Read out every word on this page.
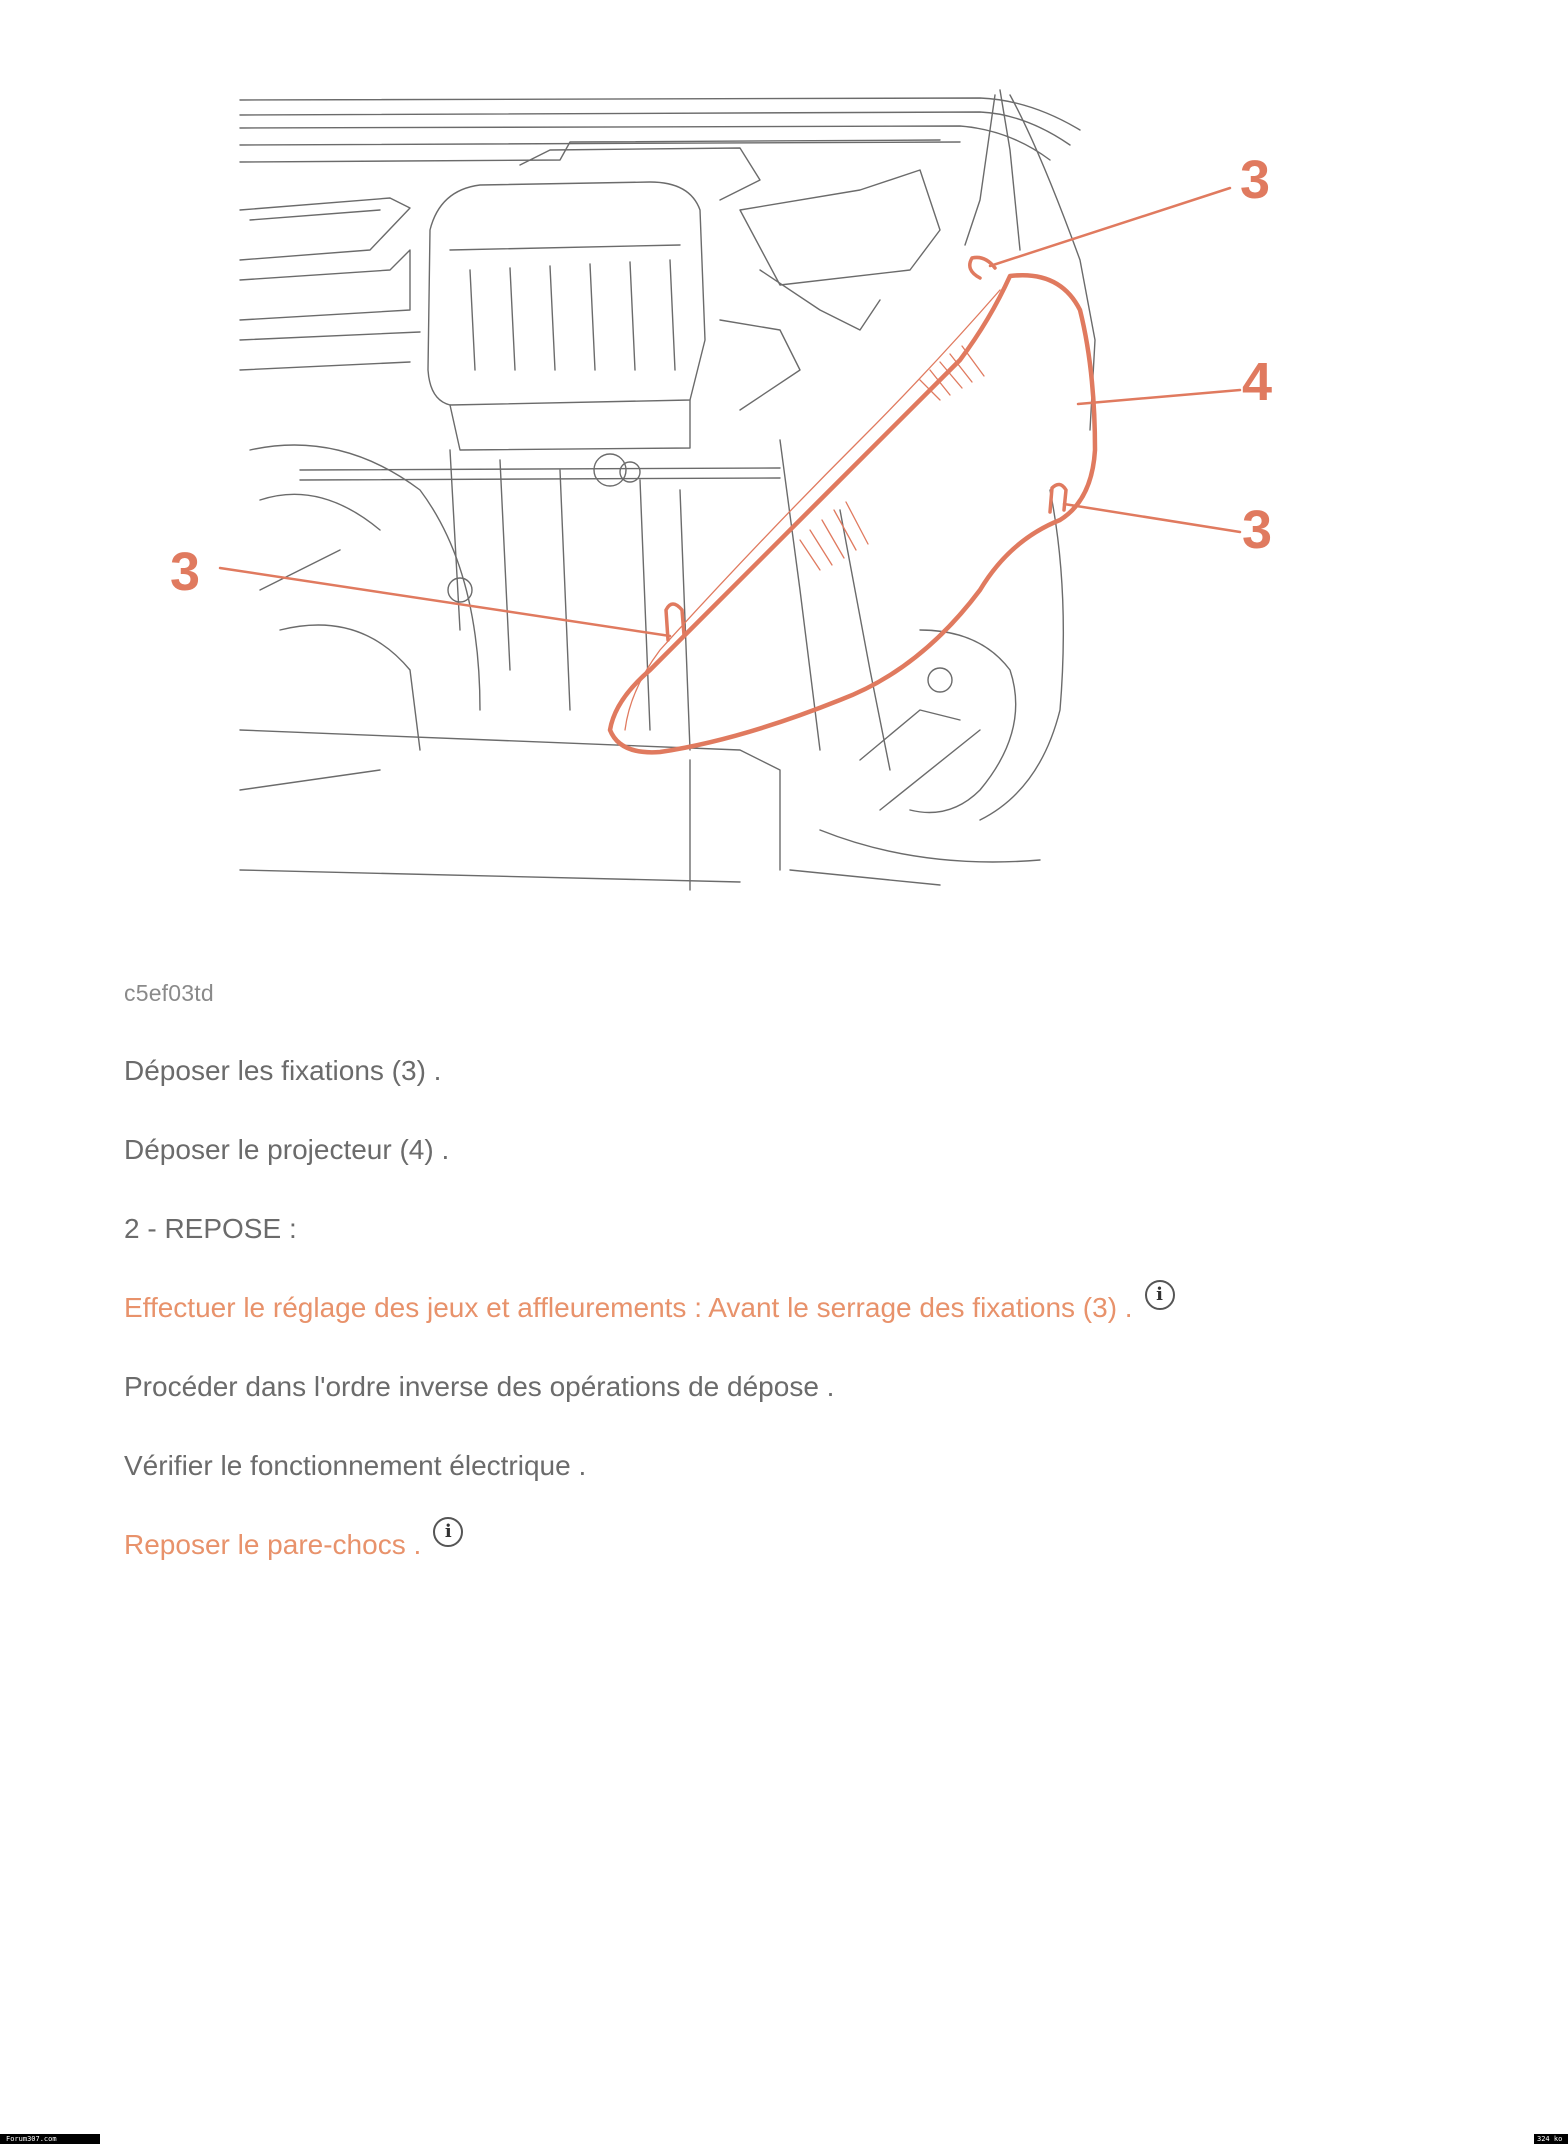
3
4
3
3
c5ef03td
Déposer les fixations (3) .
Déposer le projecteur (4) .
2 - REPOSE :
Effectuer le réglage des jeux et affleurements : Avant le serrage des fixations (3) . i
Procéder dans l'ordre inverse des opérations de dépose .
Vérifier le fonctionnement électrique .
Reposer le pare-chocs . i
Forum307.com	324 ko
